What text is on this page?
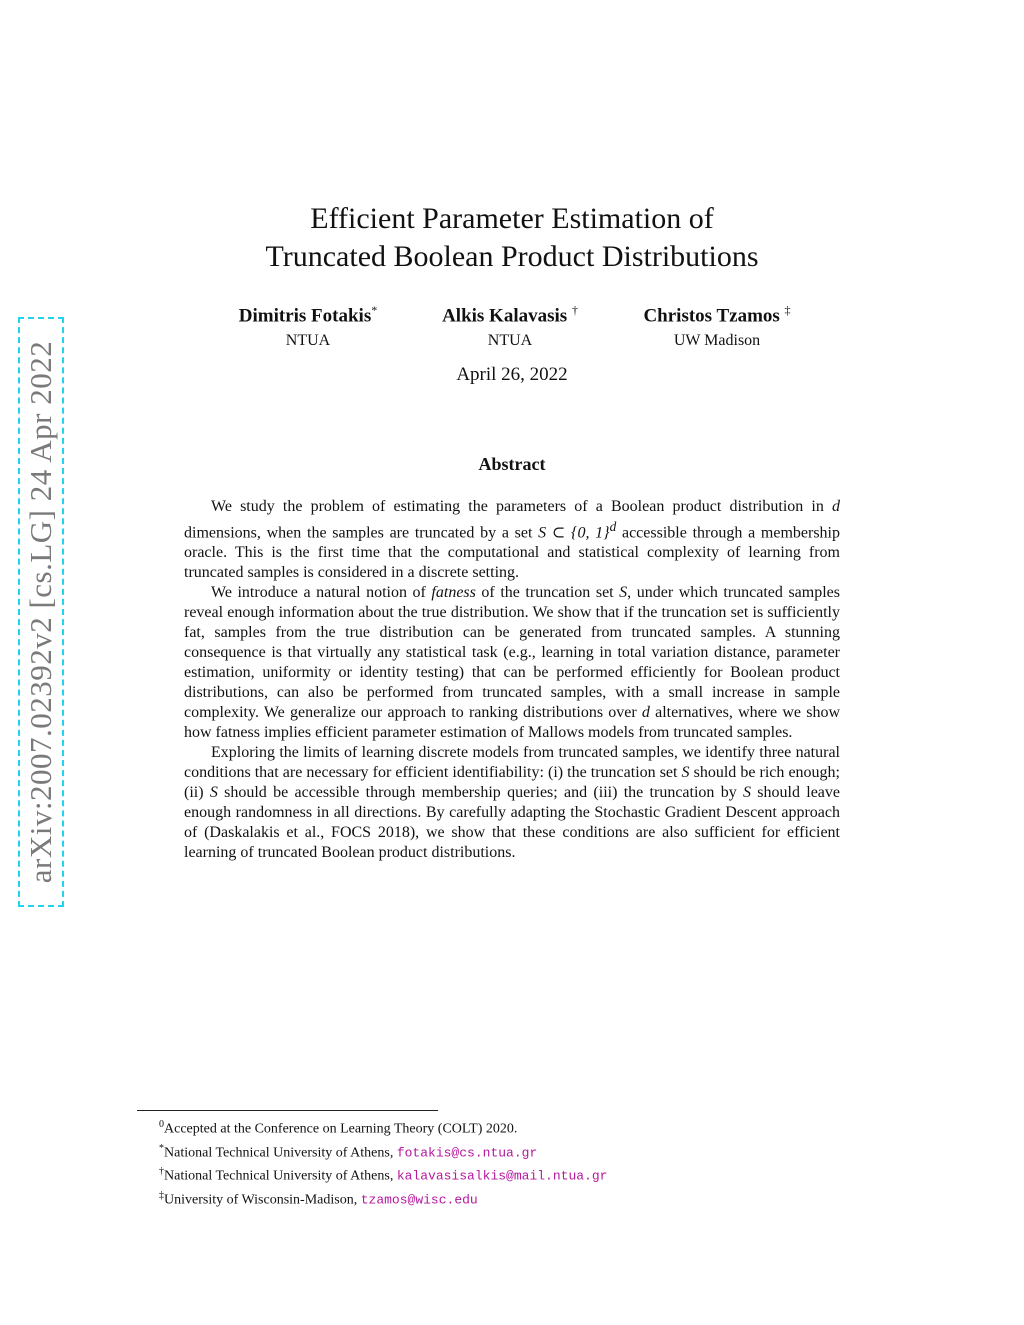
arXiv:2007.02392v2 [cs.LG] 24 Apr 2022
Efficient Parameter Estimation of
Truncated Boolean Product Distributions
Dimitris Fotakis*
NTUA
Alkis Kalavasis †
NTUA
Christos Tzamos ‡
UW Madison
April 26, 2022
Abstract

We study the problem of estimating the parameters of a Boolean product distribution in d dimensions, when the samples are truncated by a set S ⊂ {0, 1}$^d$ accessible through a membership oracle. This is the first time that the computational and statistical complexity of learning from truncated samples is considered in a discrete setting.

We introduce a natural notion of fatness of the truncation set S, under which truncated samples reveal enough information about the true distribution. We show that if the truncation set is sufficiently fat, samples from the true distribution can be generated from truncated samples. A stunning consequence is that virtually any statistical task (e.g., learning in total variation distance, parameter estimation, uniformity or identity testing) that can be performed efficiently for Boolean product distributions, can also be performed from truncated samples, with a small increase in sample complexity. We generalize our approach to ranking distributions over d alternatives, where we show how fatness implies efficient parameter estimation of Mallows models from truncated samples.

Exploring the limits of learning discrete models from truncated samples, we identify three natural conditions that are necessary for efficient identifiability: (i) the truncation set S should be rich enough; (ii) S should be accessible through membership queries; and (iii) the truncation by S should leave enough randomness in all directions. By carefully adapting the Stochastic Gradient Descent approach of (Daskalakis et al., FOCS 2018), we show that these conditions are also sufficient for efficient learning of truncated Boolean product distributions.

$^0$Accepted at the Conference on Learning Theory (COLT) 2020.
*National Technical University of Athens, fotakis@cs.ntua.gr
†National Technical University of Athens, kalavasisalkis@mail.ntua.gr
‡University of Wisconsin-Madison, tzamos@wisc.edu
